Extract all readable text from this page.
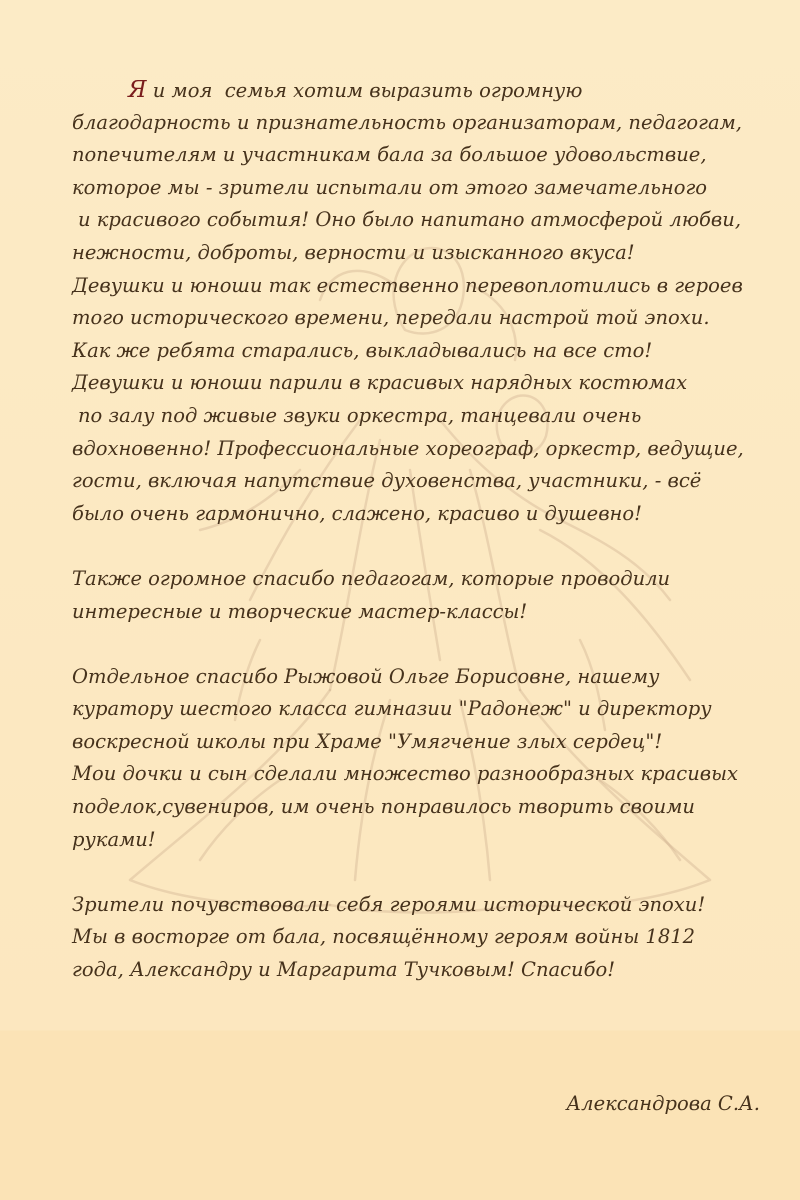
Я и моя  семья хотим выразить огромную
благодарность и признательность организаторам, педагогам,
попечителям и участникам бала за большое удовольствие,
которое мы - зрители испытали от этого замечательного
и красивого события! Оно было напитано атмосферой любви,
нежности, доброты, верности и изысканного вкуса!
Девушки и юноши так естественно перевоплотились в героев
того исторического времени, передали настрой той эпохи.
Как же ребята старались, выкладывались на все сто!
Девушки и юноши парили в красивых нарядных костюмах
по залу под живые звуки оркестра, танцевали очень
вдохновенно! Профессиональные хореограф, оркестр, ведущие,
гости, включая напутствие духовенства, участники, - всё
было очень гармонично, слажено, красиво и душевно!
Также огромное спасибо педагогам, которые проводили
интересные и творческие мастер-классы!
Отдельное спасибо Рыжовой Ольге Борисовне, нашему
куратору шестого класса гимназии "Радонеж" и директору
воскресной школы при Храме "Умягчение злых сердец"!
Мои дочки и сын сделали множество разнообразных красивых
поделок,сувениров, им очень понравилось творить своими
руками!
Зрители почувствовали себя героями исторической эпохи!
Мы в восторге от бала, посвящённому героям войны 1812
года, Александру и Маргарита Тучковым! Спасибо!

Александрова С.А.
